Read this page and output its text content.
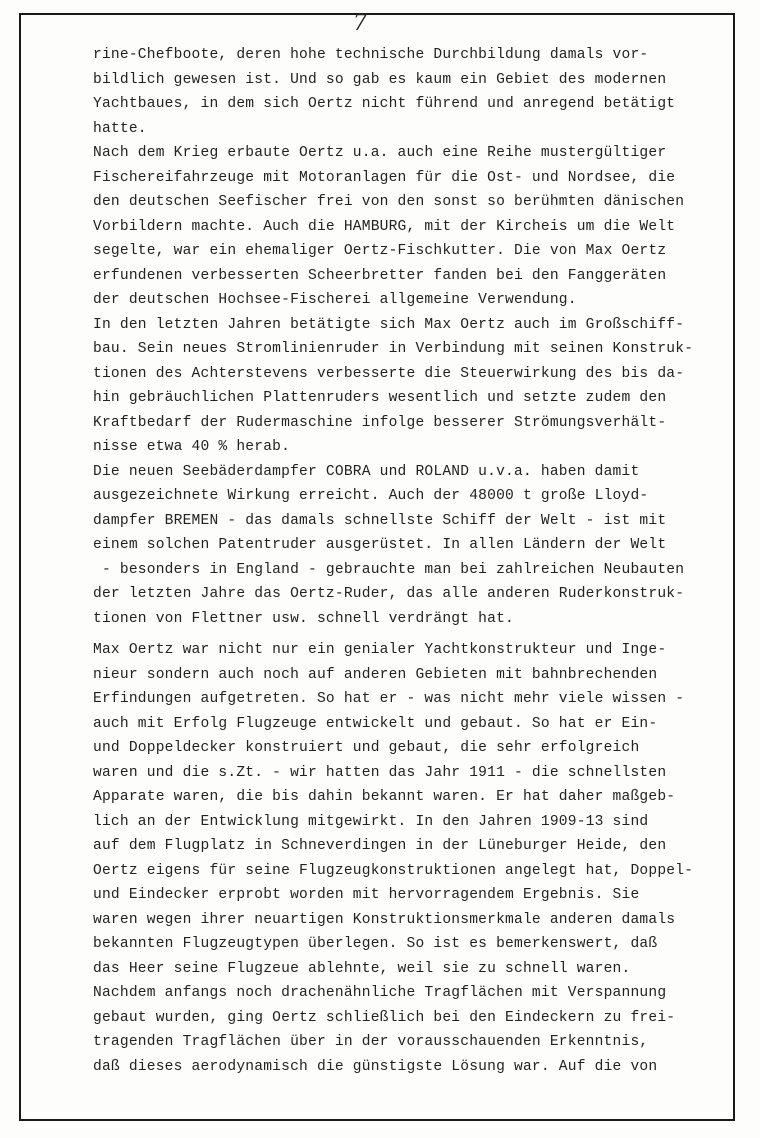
7
rine-Chefboote, deren hohe technische Durchbildung damals vor-
bildlich gewesen ist. Und so gab es kaum ein Gebiet des modernen
Yachtbaues, in dem sich Oertz nicht führend und anregend betätigt
hatte.
Nach dem Krieg erbaute Oertz u.a. auch eine Reihe mustergültiger
Fischereifahrzeuge mit Motoranlagen für die Ost- und Nordsee, die
den deutschen Seefischer frei von den sonst so berühmten dänischen
Vorbildern machte. Auch die HAMBURG, mit der Kircheis um die Welt
segelte, war ein ehemaliger Oertz-Fischkutter. Die von Max Oertz
erfundenen verbesserten Scheerbretter fanden bei den Fanggeräten
der deutschen Hochsee-Fischerei allgemeine Verwendung.
In den letzten Jahren betätigte sich Max Oertz auch im Großschiff-
bau. Sein neues Stromlinienruder in Verbindung mit seinen Konstruk-
tionen des Achterstevens verbesserte die Steuerwirkung des bis da-
hin gebräuchlichen Plattenruders wesentlich und setzte zudem den
Kraftbedarf der Rudermaschine infolge besserer Strömungsverhält-
nisse etwa 40 % herab.
Die neuen Seebäderdampfer COBRA und ROLAND u.v.a. haben damit
ausgezeichnete Wirkung erreicht. Auch der 48000 t große Lloyd-
dampfer BREMEN - das damals schnellste Schiff der Welt - ist mit
einem solchen Patentruder ausgerüstet. In allen Ländern der Welt
- besonders in England - gebrauchte man bei zahlreichen Neubauten
der letzten Jahre das Oertz-Ruder, das alle anderen Ruderkonstruk-
tionen von Flettner usw. schnell verdrängt hat.
Max Oertz war nicht nur ein genialer Yachtkonstrukteur und Inge-
nieur sondern auch noch auf anderen Gebieten mit bahnbrechenden
Erfindungen aufgetreten. So hat er - was nicht mehr viele wissen -
auch mit Erfolg Flugzeuge entwickelt und gebaut. So hat er Ein-
und Doppeldecker konstruiert und gebaut, die sehr erfolgreich
waren und die s.Zt. - wir hatten das Jahr 1911 - die schnellsten
Apparate waren, die bis dahin bekannt waren. Er hat daher maßgeb-
lich an der Entwicklung mitgewirkt. In den Jahren 1909-13 sind
auf dem Flugplatz in Schneverdingen in der Lüneburger Heide, den
Oertz eigens für seine Flugzeugkonstruktionen angelegt hat, Doppel-
und Eindecker erprobt worden mit hervorragendem Ergebnis. Sie
waren wegen ihrer neuartigen Konstruktionsmerkmale anderen damals
bekannten Flugzeugtypen überlegen. So ist es bemerkenswert, daß
das Heer seine Flugzeue ablehnte, weil sie zu schnell waren.
Nachdem anfangs noch drachenähnliche Tragflächen mit Verspannung
gebaut wurden, ging Oertz schließlich bei den Eindeckern zu frei-
tragenden Tragflächen über in der vorausschauenden Erkenntnis,
daß dieses aerodynamisch die günstigste Lösung war. Auf die von
